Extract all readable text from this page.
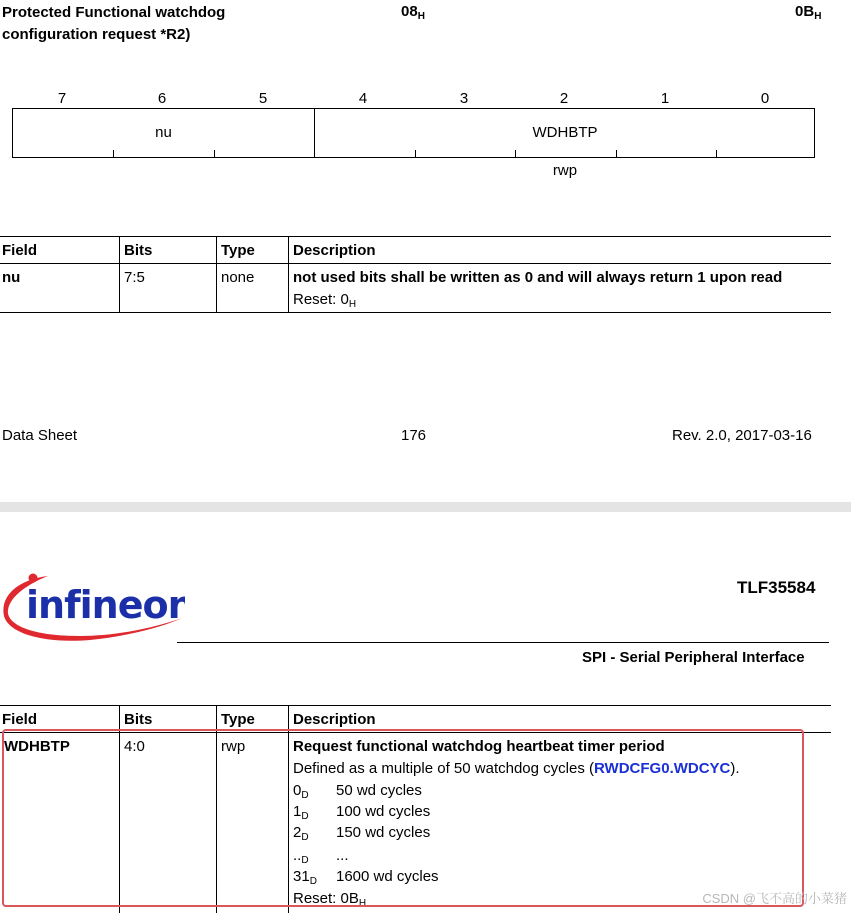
Protected Functional watchdog
configuration request *R2)
$08_H$	$0B_H$
7	6	5	4	3	2	1	0
nu	WDHBTP
rwp
Field	Bits	Type	Description
nu	7:5	none	not used bits shall be written as 0 and will always return 1 upon read
Reset: $0_H$
Data Sheet	176	Rev. 2.0, 2017-03-16
infineon	TLF35584
SPI - Serial Peripheral Interface
Field	Bits	Type	Description
WDHBTP	4:0	rwp	Request functional watchdog heartbeat timer period
Defined as a multiple of 50 watchdog cycles (RWDCFG0.WDCYC).
$0_D$ 50 wd cycles
$1_D$ 100 wd cycles
$2_D$ 150 wd cycles
$.._D$ ...
$31_D$ 1600 wd cycles
Reset: $0B_H$	CSDN @飞不高的小菜猪
